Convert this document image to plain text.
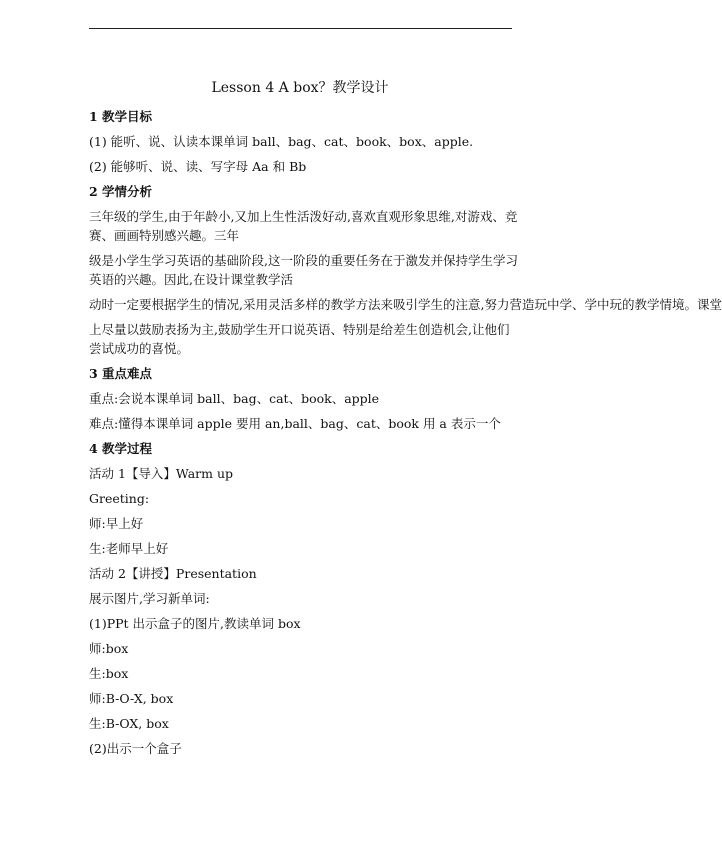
Lesson 4 A box？教学设计
1 教学目标
(1) 能听、说、认读本课单词 ball、bag、cat、book、box、apple.
(2) 能够听、说、读、写字母 Aa 和 Bb
2 学情分析
三年级的学生,由于年龄小,又加上生性活泼好动,喜欢直观形象思维,对游戏、竞赛、画画特别感兴趣。三年
级是小学生学习英语的基础阶段,这一阶段的重要任务在于激发并保持学生学习英语的兴趣。因此,在设计课堂教学活
动时一定要根据学生的情况,采用灵活多样的教学方法来吸引学生的注意,努力营造玩中学、学中玩的教学情境。课堂
上尽量以鼓励表扬为主,鼓励学生开口说英语、特别是给差生创造机会,让他们尝试成功的喜悦。
3 重点难点
重点:会说本课单词 ball、bag、cat、book、apple
难点:懂得本课单词 apple 要用 an,ball、bag、cat、book 用 a 表示一个
4 教学过程
活动 1【导入】Warm up
Greeting:
师:早上好
生:老师早上好
活动 2【讲授】Presentation
展示图片,学习新单词:
(1)PPt 出示盒子的图片,教读单词 box
师:box
生:box
师:B-O-X, box
生:B-OX, box
(2)出示一个盒子
